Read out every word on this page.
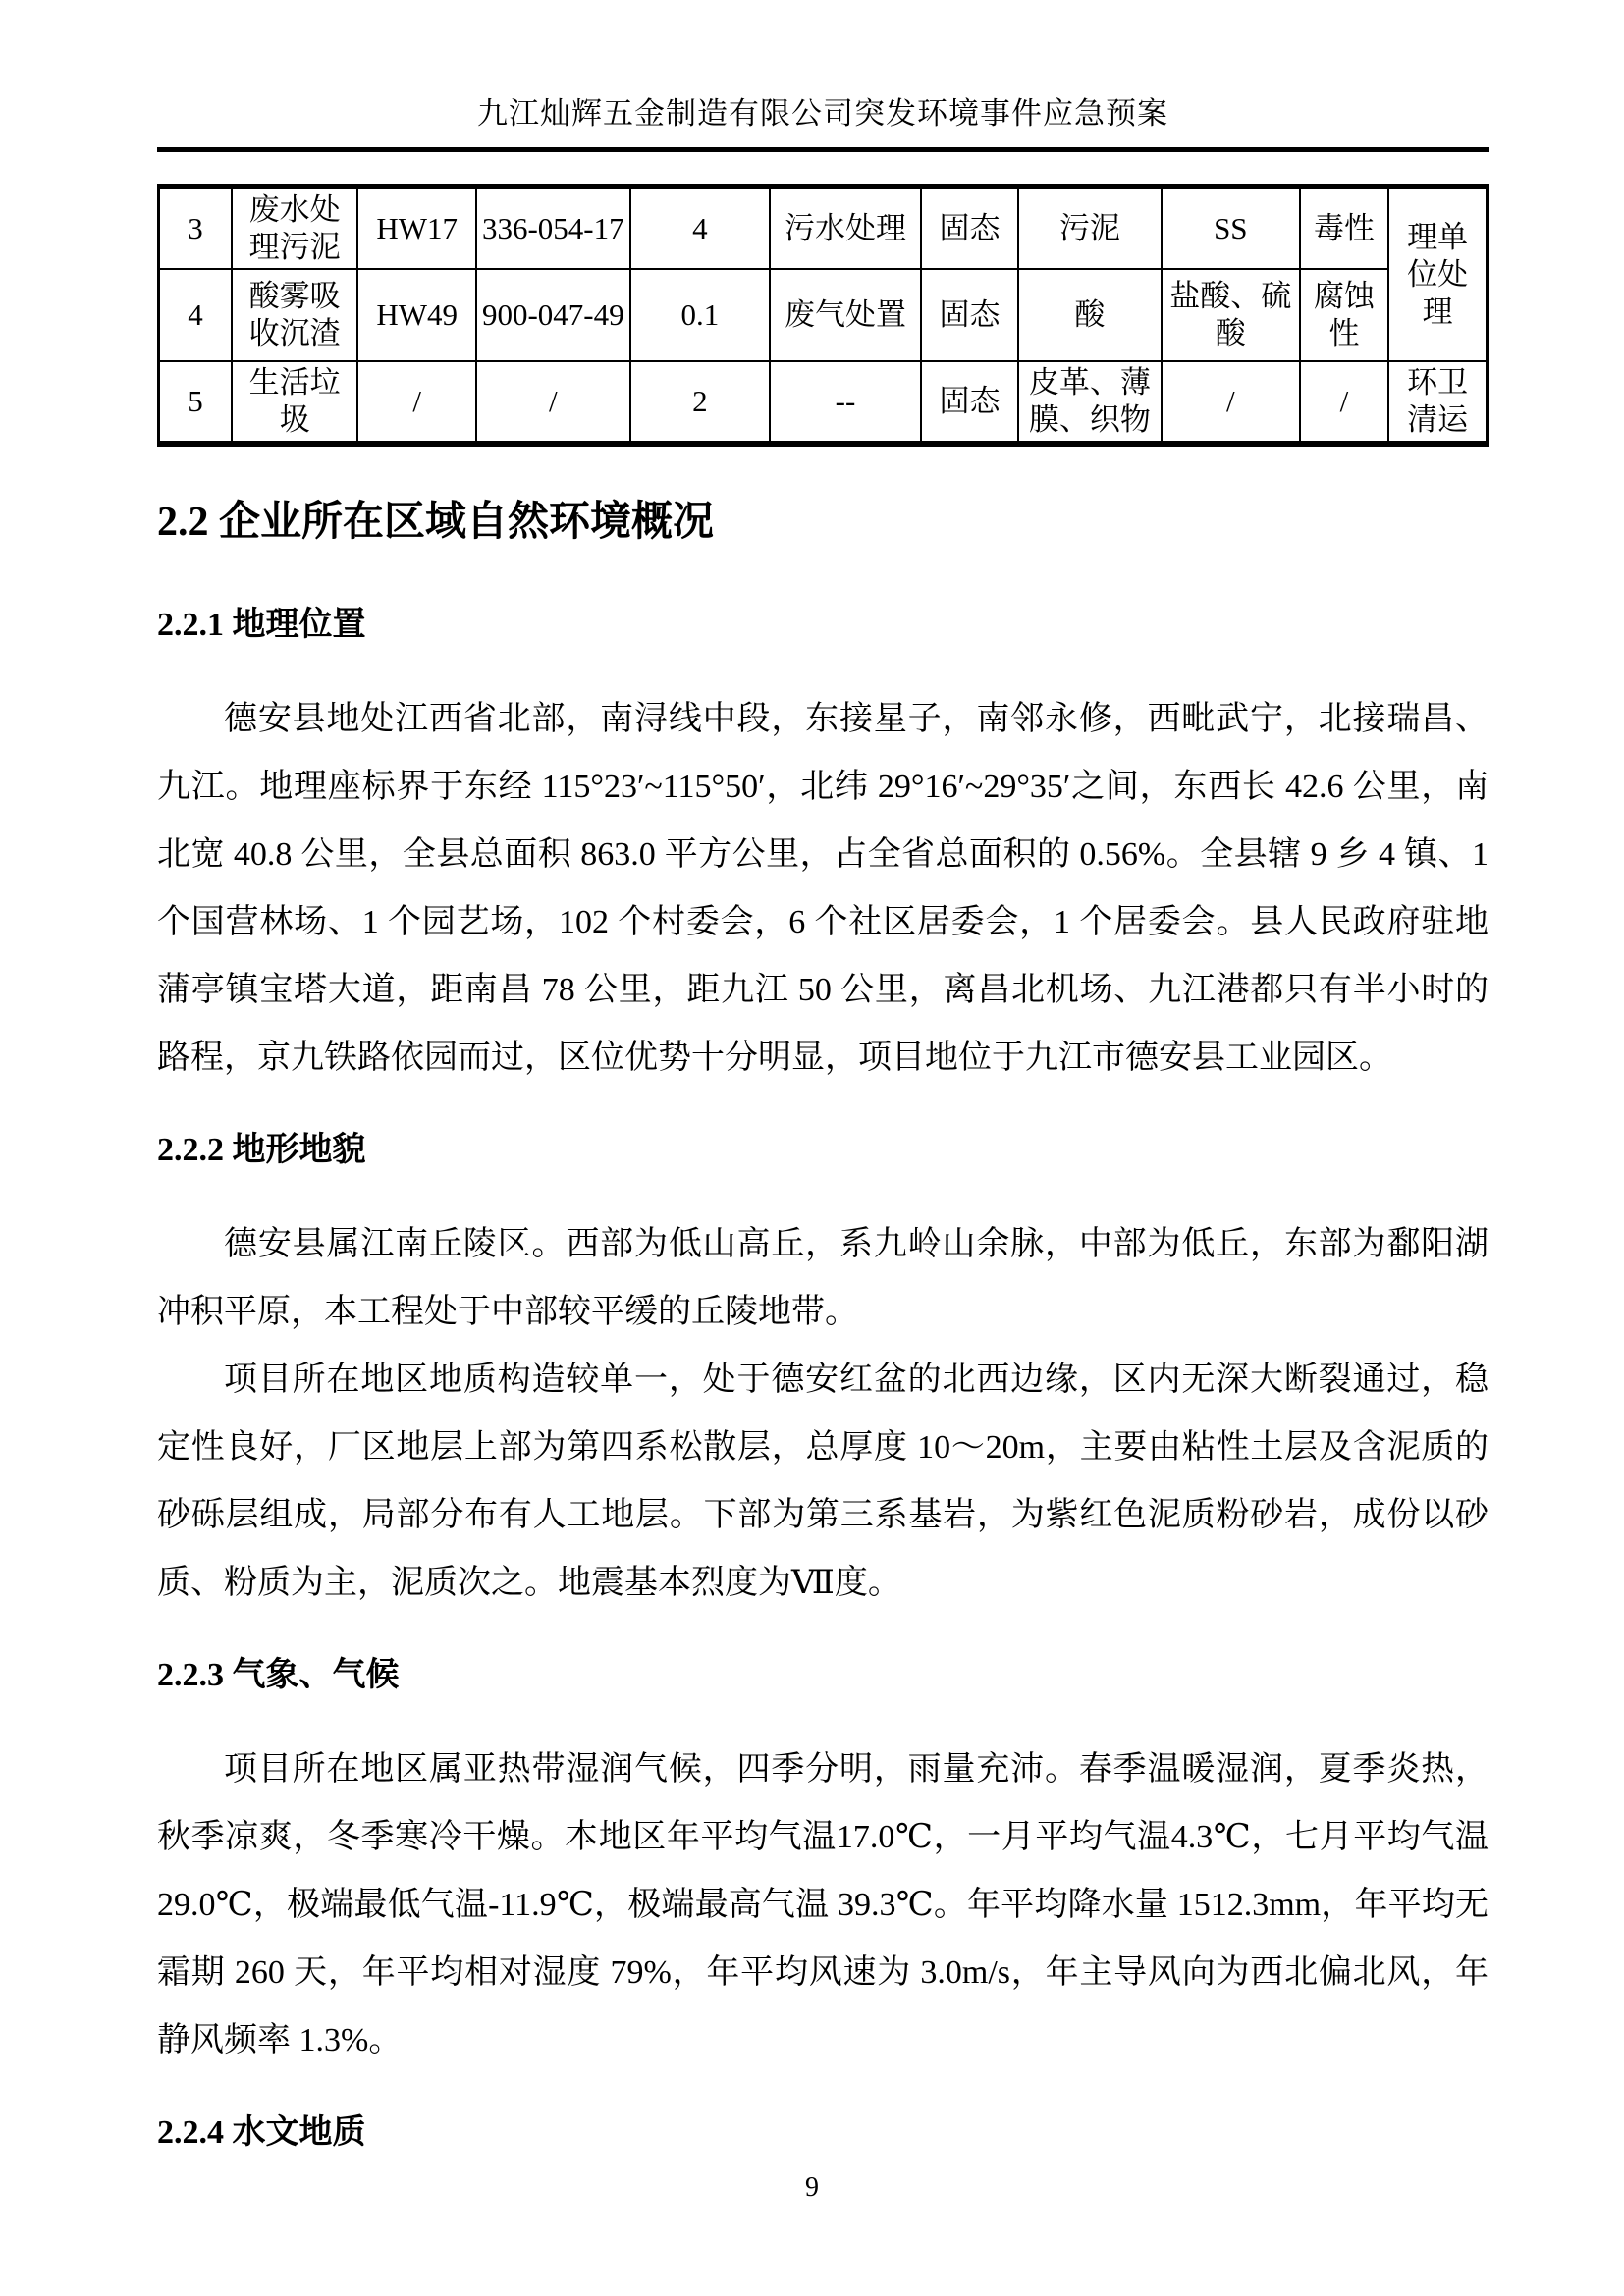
九江灿辉五金制造有限公司突发环境事件应急预案
3	废水处理污泥	HW17	336-054-17	4	污水处理	固态	污泥	SS	毒性	理单位处理
4	酸雾吸收沉渣	HW49	900-047-49	0.1	废气处置	固态	酸	盐酸、硫酸	腐蚀性	
5	生活垃圾	/	/	2	--	固态	皮革、薄膜、织物	/	/	环卫清运
2.2 企业所在区域自然环境概况
2.2.1 地理位置

德安县地处江西省北部，南浔线中段，东接星子，南邻永修，西毗武宁，北接瑞昌、九江。地理座标界于东经 115°23′~115°50′，北纬 29°16′~29°35′之间，东西长 42.6 公里，南北宽 40.8 公里，全县总面积 863.0 平方公里，占全省总面积的 0.56%。全县辖 9 乡 4 镇、1 个国营林场、1 个园艺场，102 个村委会，6 个社区居委会，1 个居委会。县人民政府驻地蒲亭镇宝塔大道，距南昌 78 公里，距九江 50 公里，离昌北机场、九江港都只有半小时的路程，京九铁路依园而过，区位优势十分明显，项目地位于九江市德安县工业园区。

2.2.2 地形地貌

德安县属江南丘陵区。西部为低山高丘，系九岭山余脉，中部为低丘，东部为鄱阳湖冲积平原，本工程处于中部较平缓的丘陵地带。

项目所在地区地质构造较单一，处于德安红盆的北西边缘，区内无深大断裂通过，稳定性良好，厂区地层上部为第四系松散层，总厚度 10～20m，主要由粘性土层及含泥质的砂砾层组成，局部分布有人工地层。下部为第三系基岩，为紫红色泥质粉砂岩，成份以砂质、粉质为主，泥质次之。地震基本烈度为Ⅶ度。

2.2.3 气象、气候

项目所在地区属亚热带湿润气候，四季分明，雨量充沛。春季温暖湿润，夏季炎热，秋季凉爽，冬季寒冷干燥。本地区年平均气温17.0℃，一月平均气温4.3℃，七月平均气温29.0℃，极端最低气温-11.9℃，极端最高气温 39.3℃。年平均降水量 1512.3mm，年平均无霜期 260 天，年平均相对湿度 79%，年平均风速为 3.0m/s，年主导风向为西北偏北风，年静风频率 1.3%。

2.2.4 水文地质
9
